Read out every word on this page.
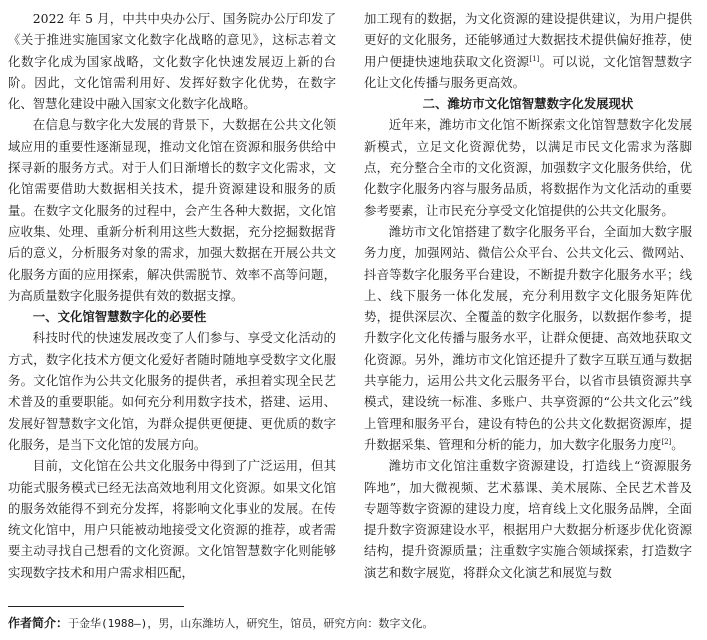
2022 年 5 月，中共中央办公厅、国务院办公厅印发了《关于推进实施国家文化数字化战略的意见》，这标志着文化数字化成为国家战略，文化数字化快速发展迈上新的台阶。因此，文化馆需利用好、发挥好数字化优势，在数字化、智慧化建设中融入国家文化数字化战略。

在信息与数字化大发展的背景下，大数据在公共文化领域应用的重要性逐渐显现，推动文化馆在资源和服务供给中探寻新的服务方式。对于人们日渐增长的数字文化需求，文化馆需要借助大数据相关技术，提升资源建设和服务的质量。在数字文化服务的过程中，会产生各种大数据，文化馆应收集、处理、重新分析利用这些大数据，充分挖掘数据背后的意义，分析服务对象的需求，加强大数据在开展公共文化服务方面的应用探索，解决供需脱节、效率不高等问题，为高质量数字化服务提供有效的数据支撑。

一、文化馆智慧数字化的必要性

科技时代的快速发展改变了人们参与、享受文化活动的方式，数字化技术方便文化爱好者随时随地享受数字文化服务。文化馆作为公共文化服务的提供者，承担着实现全民艺术普及的重要职能。如何充分利用数字技术，搭建、运用、发展好智慧数字文化馆，为群众提供更便捷、更优质的数字化服务，是当下文化馆的发展方向。

目前，文化馆在公共文化服务中得到了广泛运用，但其功能式服务模式已经无法高效地利用文化资源。如果文化馆的服务效能得不到充分发挥，将影响文化事业的发展。在传统文化馆中，用户只能被动地接受文化资源的推荐，或者需要主动寻找自己想看的文化资源。文化馆智慧数字化则能够实现数字技术和用户需求相匹配，

加工现有的数据，为文化资源的建设提供建议，为用户提供更好的文化服务，还能够通过大数据技术提供偏好推荐，使用户便捷快速地获取文化资源[1]。可以说，文化馆智慧数字化让文化传播与服务更高效。

二、潍坊市文化馆智慧数字化发展现状

近年来，潍坊市文化馆不断探索文化馆智慧数字化发展新模式，立足文化资源优势，以满足市民文化需求为落脚点，充分整合全市的文化资源，加强数字文化服务供给，优化数字化服务内容与服务品质，将数据作为文化活动的重要参考要素，让市民充分享受文化馆提供的公共文化服务。

潍坊市文化馆搭建了数字化服务平台，全面加大数字服务力度，加强网站、微信公众平台、公共文化云、微网站、抖音等数字化服务平台建设，不断提升数字化服务水平；线上、线下服务一体化发展，充分利用数字文化服务矩阵优势，提供深层次、全覆盖的数字化服务，以数据作参考，提升数字化文化传播与服务水平，让群众便捷、高效地获取文化资源。另外，潍坊市文化馆还提升了数字互联互通与数据共享能力，运用公共文化云服务平台，以省市县镇资源共享模式，建设统一标准、多账户、共享资源的“公共文化云”线上管理和服务平台，建设有特色的公共文化数据资源库，提升数据采集、管理和分析的能力，加大数字化服务力度[2]。

潍坊市文化馆注重数字资源建设，打造线上“资源服务阵地”，加大微视频、艺术慕课、美术展陈、全民艺术普及专题等数字资源的建设力度，培育线上文化服务品牌，全面提升数字资源建设水平，根据用户大数据分析逐步优化资源结构，提升资源质量；注重数字实施合领域探索，打造数字演艺和数字展览，将群众文化演艺和展览与数

作者简介：于金华(1988—)，男，山东潍坊人，研究生，馆员，研究方向：数字文化。
